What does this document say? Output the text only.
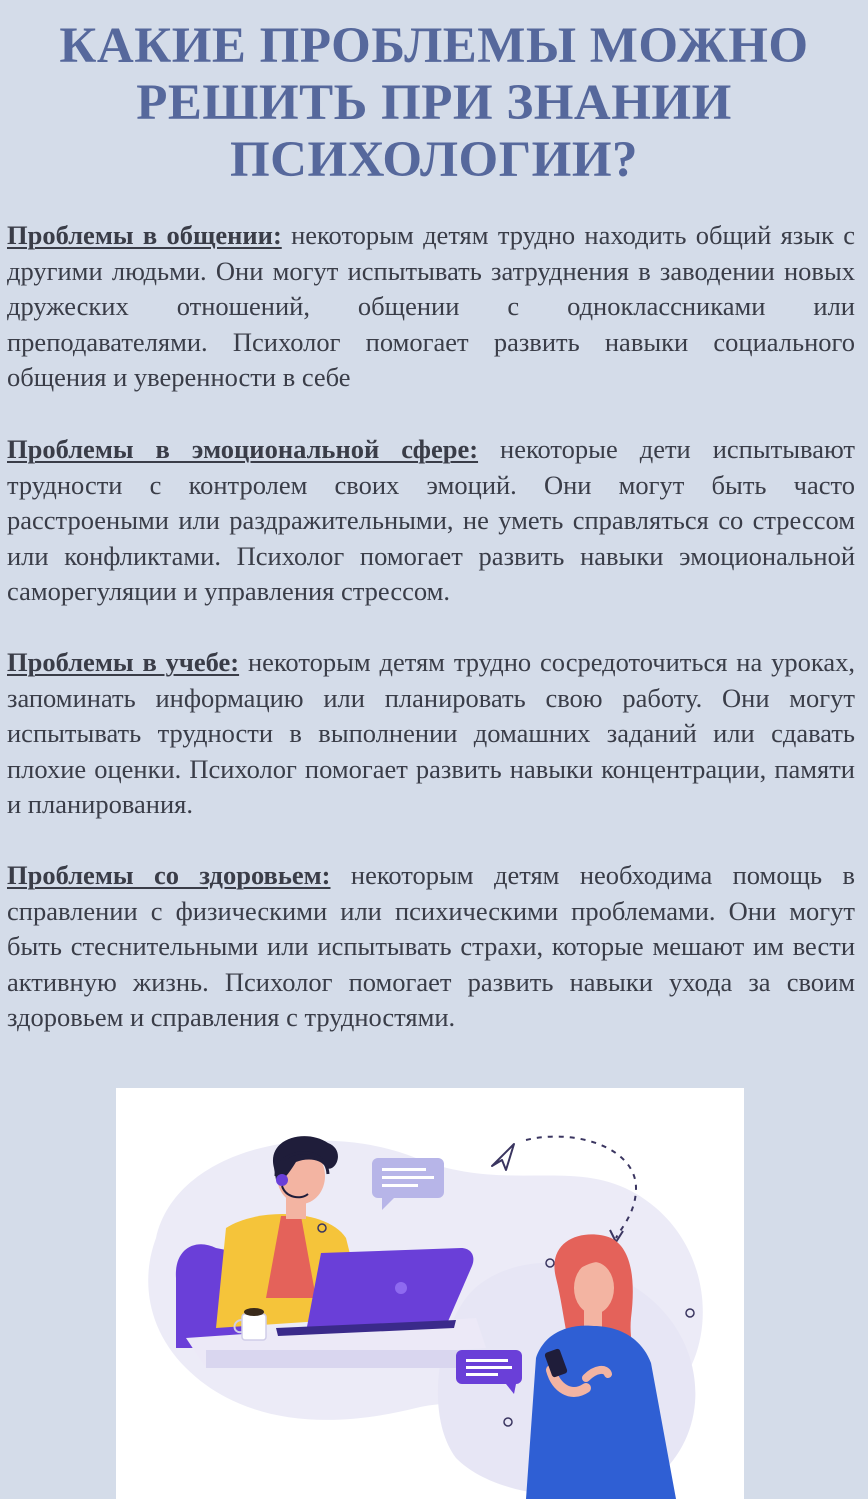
КАКИЕ ПРОБЛЕМЫ МОЖНО
РЕШИТЬ ПРИ ЗНАНИИ
ПСИХОЛОГИИ?

Проблемы в общении: некоторым детям трудно находить общий язык с другими людьми. Они могут испытывать затруднения в заводении новых дружеских отношений, общении с одноклассниками или преподавателями. Психолог помогает развить навыки социального общения и уверенности в себе

Проблемы в эмоциональной сфере: некоторые дети испытывают трудности с контролем своих эмоций. Они могут быть часто расстроеными или раздражительными, не уметь справляться со стрессом или конфликтами. Психолог помогает развить навыки эмоциональной саморегуляции и управления стрессом.

Проблемы в учебе: некоторым детям трудно сосредоточиться на уроках, запоминать информацию или планировать свою работу. Они могут испытывать трудности в выполнении домашних заданий или сдавать плохие оценки. Психолог помогает развить навыки концентрации, памяти и планирования.

Проблемы со здоровьем: некоторым детям необходима помощь в справлении с физическими или психическими проблемами. Они могут быть стеснительными или испытывать страхи, которые мешают им вести активную жизнь. Психолог помогает развить навыки ухода за своим здоровьем и справления с трудностями.
